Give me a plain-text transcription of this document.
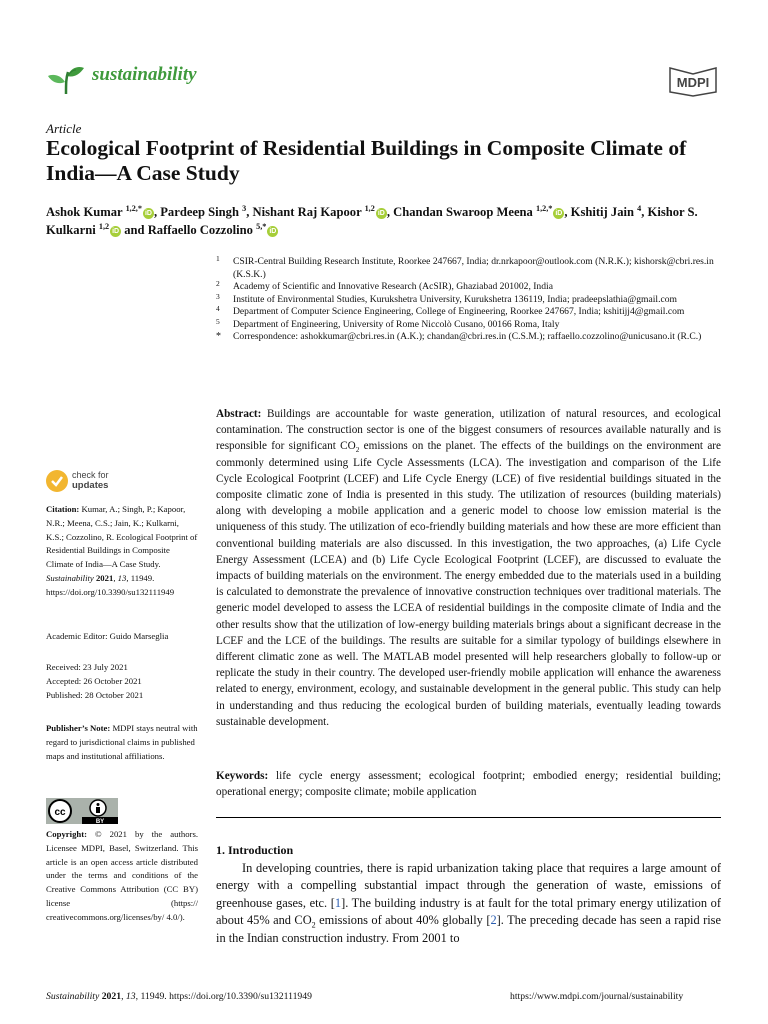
sustainability	MDPI
Article
Ecological Footprint of Residential Buildings in Composite Climate of India—A Case Study
Ashok Kumar $^{1,2,*}$iD , Pardeep Singh $^3$, Nishant Raj Kapoor $^{1,2}$iD , Chandan Swaroop Meena $^{1,2,*}$iD , Kshitij Jain $^4$, Kishor S. Kulkarni $^{1,2}$iD and Raffaello Cozzolino $^{5,*}$iD
1 CSIR-Central Building Research Institute, Roorkee 247667, India; dr.nrkapoor@outlook.com (N.R.K.); kishorsk@cbri.res.in (K.S.K.)
2 Academy of Scientific and Innovative Research (AcSIR), Ghaziabad 201002, India
3 Institute of Environmental Studies, Kurukshetra University, Kurukshetra 136119, India; pradeepslathia@gmail.com
4 Department of Computer Science Engineering, College of Engineering, Roorkee 247667, India; kshitijj4@gmail.com
5 Department of Engineering, University of Rome Niccolò Cusano, 00166 Roma, Italy
* Correspondence: ashokkumar@cbri.res.in (A.K.); chandan@cbri.res.in (C.S.M.); raffaello.cozzolino@unicusano.it (R.C.)
Abstract: Buildings are accountable for waste generation, utilization of natural resources, and ecological contamination. The construction sector is one of the biggest consumers of resources available naturally and is responsible for significant $CO_2$ emissions on the planet. The effects of the buildings on the environment are commonly determined using Life Cycle Assessments (LCA). The investigation and comparison of the Life Cycle Ecological Footprint (LCEF) and Life Cycle Energy (LCE) of five residential buildings situated in the composite climatic zone of India is presented in this study. The utilization of resources (building materials) along with developing a mobile application and a generic model to choose low emission material is the uniqueness of this study. The utilization of eco-friendly building materials and how these are more efficient than conventional building materials are also discussed. In this investigation, the two approaches, (a) Life Cycle Energy Assessment (LCEA) and (b) Life Cycle Ecological Footprint (LCEF), are discussed to evaluate the impacts of building materials on the environment. The energy embedded due to the materials used in a building is calculated to demonstrate the prevalence of innovative construction techniques over traditional materials. The generic model developed to assess the LCEA of residential buildings in the composite climate of India and the other results show that the utilization of low-energy building materials brings about a significant decrease in the LCEF and the LCE of the buildings. The results are suitable for a similar typology of buildings elsewhere in different climatic zone as well. The MATLAB model presented will help researchers globally to follow-up or replicate the study in their country. The developed user-friendly mobile application will enhance the awareness related to energy, environment, ecology, and sustainable development in the general public. This study can help in understanding and thus reducing the ecological burden of building materials, eventually leading towards sustainable development.
Keywords: life cycle energy assessment; ecological footprint; embodied energy; residential building; operational energy; composite climate; mobile application
1. Introduction
In developing countries, there is rapid urbanization taking place that requires a large amount of energy with a compelling substantial impact through the generation of waste, emissions of greenhouse gases, etc. [1]. The building industry is at fault for the total primary energy utilization of about 45% and $CO_2$ emissions of about 40% globally [2]. The preceding decade has seen a rapid rise in the Indian construction industry. From 2001 to
check for
updates
Citation: Kumar, A.; Singh, P.; Kapoor, N.R.; Meena, C.S.; Jain, K.; Kulkarni, K.S.; Cozzolino, R. Ecological Footprint of Residential Buildings in Composite Climate of India—A Case Study. Sustainability 2021, 13, 11949. https://doi.org/10.3390/su132111949
Academic Editor: Guido Marseglia
Received: 23 July 2021
Accepted: 26 October 2021
Published: 28 October 2021
Publisher’s Note: MDPI stays neutral with regard to jurisdictional claims in published maps and institutional affiliations.
cc
BY
Copyright: © 2021 by the authors. Licensee MDPI, Basel, Switzerland. This article is an open access article distributed under the terms and conditions of the Creative Commons Attribution (CC BY) license (https:// creativecommons.org/licenses/by/ 4.0/).
Sustainability 2021, 13, 11949. https://doi.org/10.3390/su132111949	https://www.mdpi.com/journal/sustainability
